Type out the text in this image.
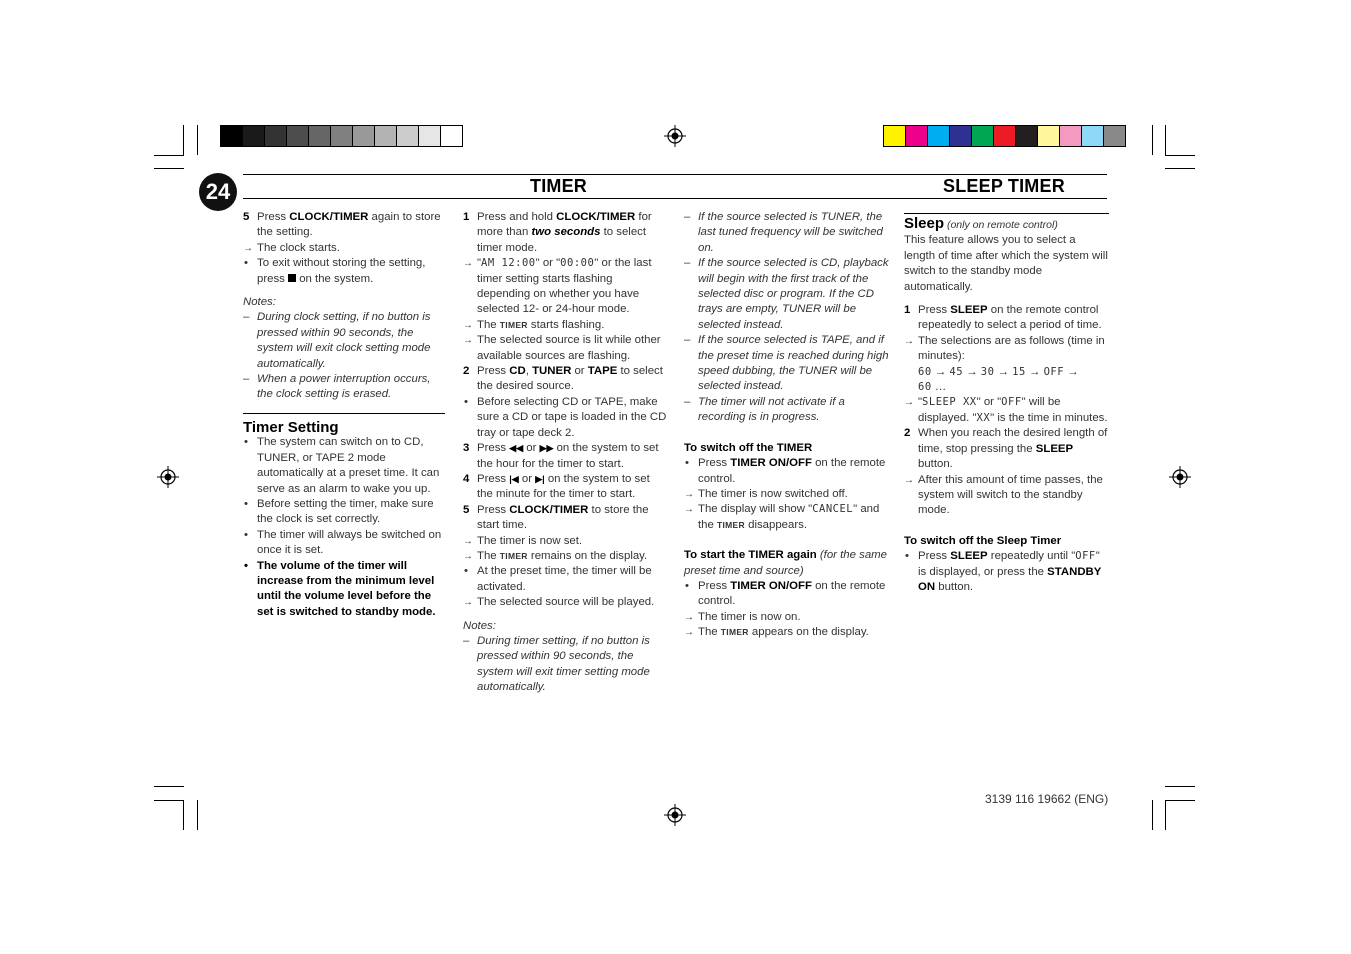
24	TIMER	SLEEP TIMER

5 Press CLOCK/TIMER again to store the setting.

→ The clock starts.

• To exit without storing the setting, press  on the system.

Notes:

– During clock setting, if no button is pressed within 90 seconds, the system will exit clock setting mode automatically.

– When a power interruption occurs, the clock setting is erased.

Timer Setting

• The system can switch on to CD, TUNER, or TAPE 2 mode automatically at a preset time. It can serve as an alarm to wake you up.

• Before setting the timer, make sure the clock is set correctly.

• The timer will always be switched on once it is set.

• The volume of the timer will increase from the minimum level until the volume level before the set is switched to standby mode.

1 Press and hold CLOCK/TIMER for more than two seconds to select timer mode.

→ "AM 12:00" or "00:00" or the last timer setting starts flashing depending on whether you have selected 12- or 24-hour mode.

→ The TIMER starts flashing.

→ The selected source is lit while other available sources are flashing.

2 Press CD, TUNER or TAPE to select the desired source.

• Before selecting CD or TAPE, make sure a CD or tape is loaded in the CD tray or tape deck 2.

3 Press ◀◀ or ▶▶ on the system to set the hour for the timer to start.

4 Press |◀ or ▶| on the system to set the minute for the timer to start.

5 Press CLOCK/TIMER to store the start time.

→ The timer is now set.

→ The TIMER remains on the display.

• At the preset time, the timer will be activated.

→ The selected source will be played.

Notes:

– During timer setting, if no button is pressed within 90 seconds, the system will exit timer setting mode automatically.

– If the source selected is TUNER, the last tuned frequency will be switched on.

– If the source selected is CD, playback will begin with the first track of the selected disc or program. If the CD trays are empty, TUNER will be selected instead.

– If the source selected is TAPE, and if the preset time is reached during high speed dubbing, the TUNER will be selected instead.

– The timer will not activate if a recording is in progress.

To switch off the TIMER

• Press TIMER ON/OFF on the remote control.

→ The timer is now switched off.

→ The display will show "CANCEL" and the TIMER disappears.

To start the TIMER again (for the same preset time and source)

• Press TIMER ON/OFF on the remote control.

→ The timer is now on.

→ The TIMER appears on the display.

Sleep (only on remote control)

This feature allows you to select a length of time after which the system will switch to the standby mode automatically.

1 Press SLEEP on the remote control repeatedly to select a period of time.

→ The selections are as follows (time in minutes):
60 → 45 → 30 → 15 → OFF →
60 …

→ "SLEEP XX" or "OFF" will be displayed. "XX" is the time in minutes.

2 When you reach the desired length of time, stop pressing the SLEEP button.

→ After this amount of time passes, the system will switch to the standby mode.

To switch off the Sleep Timer

• Press SLEEP repeatedly until "OFF" is displayed, or press the STANDBY ON button.

3139 116 19662 (ENG)
